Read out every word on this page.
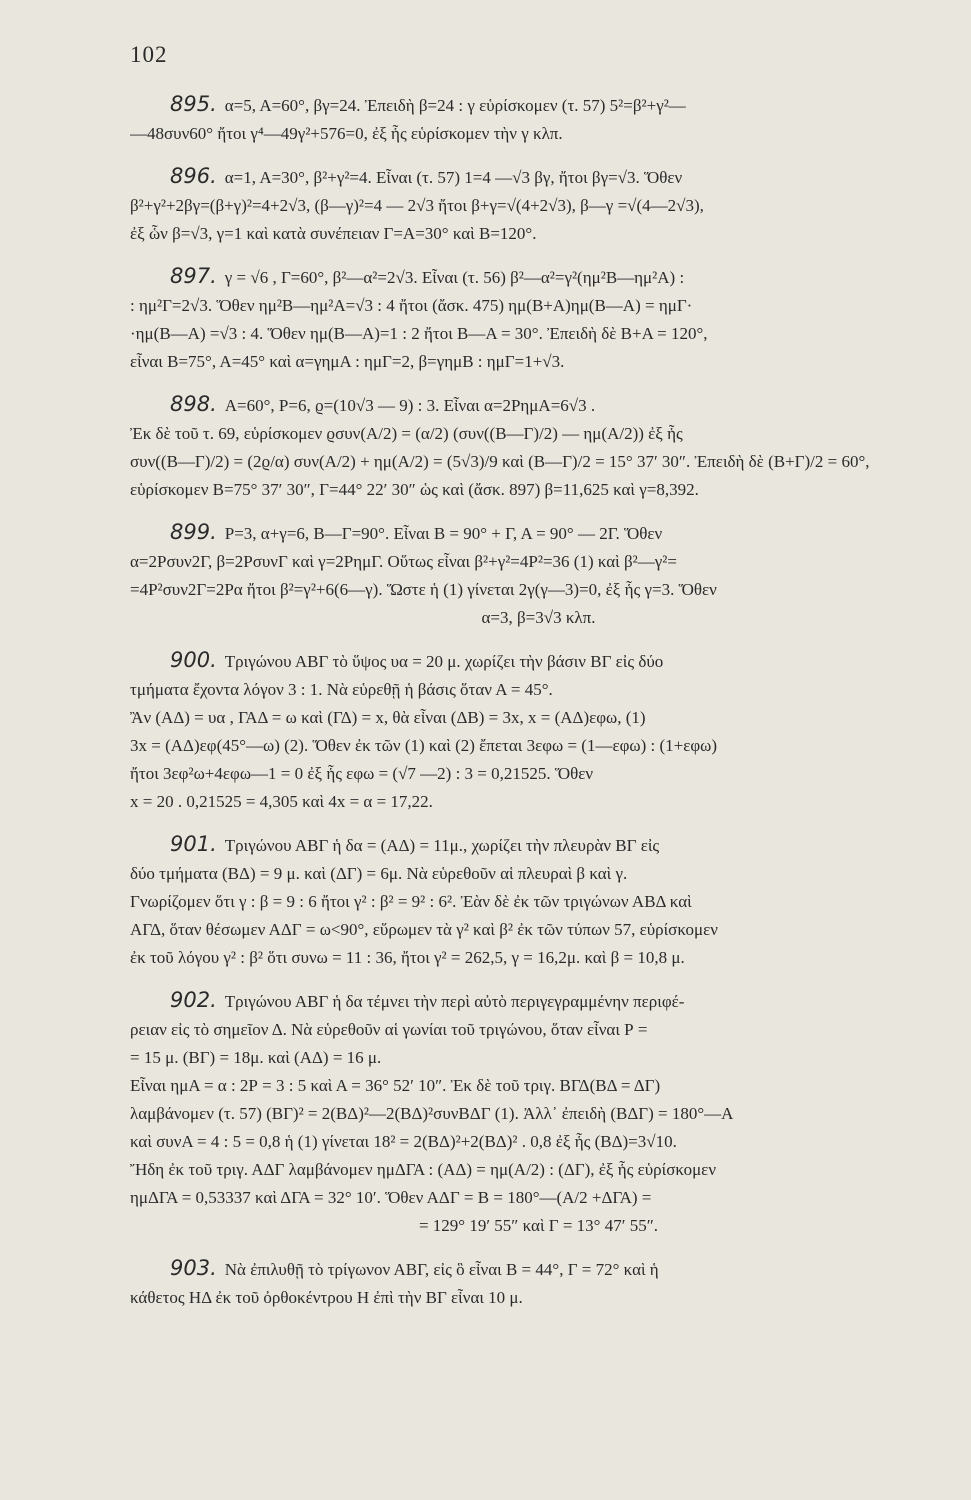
102
895. α=5, Α=60°, βγ=24. Ἐπειδὴ β=24 : γ εὑρίσκομεν (τ. 57) 5²=β²+γ²—
—48συν60° ἤτοι γ⁴—49γ²+576=0, ἐξ ἧς εὑρίσκομεν τὴν γ κλπ.
896. α=1, Α=30°, β²+γ²=4. Εἶναι (τ. 57) 1=4 —√3 βγ, ἤτοι βγ=√3. Ὅθεν
β²+γ²+2βγ=(β+γ)²=4+2√3, (β—γ)²=4 — 2√3 ἤτοι β+γ=√(4+2√3), β—γ =√(4—2√3),
ἐξ ὧν β=√3, γ=1 καὶ κατὰ συνέπειαν Γ=Α=30° καὶ Β=120°.
897. γ = √6 , Γ=60°, β²—α²=2√3. Εἶναι (τ. 56) β²—α²=γ²(ημ²Β—ημ²Α) :
: ημ²Γ=2√3. Ὅθεν ημ²Β—ημ²Α=√3 : 4 ἤτοι (ἄσκ. 475) ημ(Β+Α)ημ(Β—Α) = ημΓ·
·ημ(Β—Α) =√3 : 4. Ὅθεν ημ(Β—Α)=1 : 2 ἤτοι Β—Α = 30°. Ἐπειδὴ δὲ Β+Α = 120°,
εἶναι Β=75°, Α=45° καὶ α=γημΑ : ημΓ=2, β=γημΒ : ημΓ=1+√3.
898. Α=60°, Ρ=6, ϱ=(10√3 — 9) : 3. Εἶναι α=2ΡημΑ=6√3 .
Ἐκ δὲ τοῦ τ. 69, εὑρίσκομεν ϱσυν(Α/2) = (α/2) (συν((Β—Γ)/2) — ημ(Α/2)) ἐξ ἧς
συν((Β—Γ)/2) = (2ϱ/α) συν(Α/2) + ημ(Α/2) = (5√3)/9 καὶ (Β—Γ)/2 = 15° 37′ 30″. Ἐπειδὴ δὲ (Β+Γ)/2 = 60°,
εὑρίσκομεν Β=75° 37′ 30″, Γ=44° 22′ 30″ ὡς καὶ (ἄσκ. 897) β=11,625 καὶ γ=8,392.
899. Ρ=3, α+γ=6, Β—Γ=90°. Εἶναι Β = 90° + Γ, Α = 90° — 2Γ. Ὅθεν
α=2Ρσυν2Γ, β=2ΡσυνΓ καὶ γ=2ΡημΓ. Οὕτως εἶναι β²+γ²=4Ρ²=36 (1) καὶ β²—γ²=
=4Ρ²συν2Γ=2Ρα ἤτοι β²=γ²+6(6—γ). Ὥστε ἡ (1) γίνεται 2γ(γ—3)=0, ἐξ ἧς γ=3. Ὅθεν
α=3, β=3√3 κλπ.
900. Τριγώνου ΑΒΓ τὸ ὕψος υα = 20 μ. χωρίζει τὴν βάσιν ΒΓ εἰς δύο
τμήματα ἔχοντα λόγον 3 : 1. Νὰ εὑρεθῇ ἡ βάσις ὅταν Α = 45°.
Ἂν (ΑΔ) = υα , ΓΑΔ = ω καὶ (ΓΔ) = x, θὰ εἶναι (ΔΒ) = 3x, x = (ΑΔ)εφω, (1)
3x = (ΑΔ)εφ(45°—ω) (2). Ὅθεν ἐκ τῶν (1) καὶ (2) ἔπεται 3εφω = (1—εφω) : (1+εφω)
ἤτοι 3εφ²ω+4εφω—1 = 0 ἐξ ἧς εφω = (√7 —2) : 3 = 0,21525. Ὅθεν
x = 20 . 0,21525 = 4,305 καὶ 4x = α = 17,22.
901. Τριγώνου ΑΒΓ ἡ δα = (ΑΔ) = 11μ., χωρίζει τὴν πλευρὰν ΒΓ εἰς
δύο τμήματα (ΒΔ) = 9 μ. καὶ (ΔΓ) = 6μ. Νὰ εὑρεθοῦν αἱ πλευραὶ β καὶ γ.
Γνωρίζομεν ὅτι γ : β = 9 : 6 ἤτοι γ² : β² = 9² : 6². Ἐὰν δὲ ἐκ τῶν τριγώνων ΑΒΔ καὶ
ΑΓΔ, ὅταν θέσωμεν ΑΔΓ = ω<90°, εὕρωμεν τὰ γ² καὶ β² ἐκ τῶν τύπων 57, εὑρίσκομεν
ἐκ τοῦ λόγου γ² : β² ὅτι συνω = 11 : 36, ἤτοι γ² = 262,5, γ = 16,2μ. καὶ β = 10,8 μ.
902. Τριγώνου ΑΒΓ ἡ δα τέμνει τὴν περὶ αὐτὸ περιγεγραμμένην περιφέ-
ρειαν εἰς τὸ σημεῖον Δ. Νὰ εὑρεθοῦν αἱ γωνίαι τοῦ τριγώνου, ὅταν εἶναι Ρ =
= 15 μ. (ΒΓ) = 18μ. καὶ (ΑΔ) = 16 μ.
Εἶναι ημΑ = α : 2Ρ = 3 : 5 καὶ Α = 36° 52′ 10″. Ἐκ δὲ τοῦ τριγ. ΒΓΔ(ΒΔ = ΔΓ)
λαμβάνομεν (τ. 57) (ΒΓ)² = 2(ΒΔ)²—2(ΒΔ)²συνΒΔΓ (1). Ἀλλ᾽ ἐπειδὴ (ΒΔΓ) = 180°—Α
καὶ συνΑ = 4 : 5 = 0,8 ἡ (1) γίνεται 18² = 2(ΒΔ)²+2(ΒΔ)² . 0,8 ἐξ ἧς (ΒΔ)=3√10.
Ἤδη ἐκ τοῦ τριγ. ΑΔΓ λαμβάνομεν ημΔΓΑ : (ΑΔ) = ημ(Α/2) : (ΔΓ), ἐξ ἧς εὑρίσκομεν
ημΔΓΑ = 0,53337 καὶ ΔΓΑ = 32° 10′. Ὅθεν ΑΔΓ = Β = 180°—(Α/2 +ΔΓΑ) =
= 129° 19′ 55″ καὶ Γ = 13° 47′ 55″.
903. Νὰ ἐπιλυθῇ τὸ τρίγωνον ΑΒΓ, εἰς ὃ εἶναι Β = 44°, Γ = 72° καὶ ἡ
κάθετος ΗΔ ἐκ τοῦ ὀρθοκέντρου Η ἐπὶ τὴν ΒΓ εἶναι 10 μ.
